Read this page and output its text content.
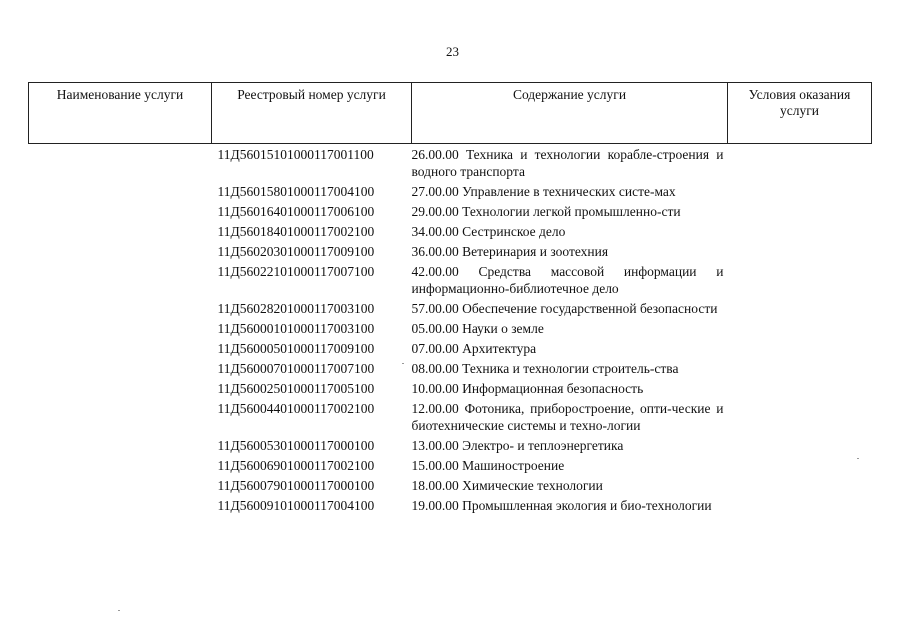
23
Наименование услуги	Реестровый номер услуги	Содержание услуги	Условия оказания услуги
	11Д56015101000117001100	26.00.00 Техника и технологии корабле-строения и водного транспорта	
	11Д56015801000117004100	27.00.00 Управление в технических систе-мах	
	11Д56016401000117006100	29.00.00 Технологии легкой промышленно-сти	
	11Д56018401000117002100	34.00.00 Сестринское дело	
	11Д56020301000117009100	36.00.00 Ветеринария и зоотехния	
	11Д56022101000117007100	42.00.00 Средства массовой информации и информационно-библиотечное дело	
	11Д56028201000117003100	57.00.00 Обеспечение государственной безопасности	
	11Д56000101000117003100	05.00.00 Науки о земле	
	11Д56000501000117009100	07.00.00 Архитектура	
	11Д56000701000117007100	08.00.00 Техника и технологии строитель-ства	
	11Д56002501000117005100	10.00.00 Информационная безопасность	
	11Д56004401000117002100	12.00.00 Фотоника, приборостроение, опти-ческие и биотехнические системы и техно-логии	
	11Д56005301000117000100	13.00.00 Электро- и теплоэнергетика	
	11Д56006901000117002100	15.00.00 Машиностроение	
	11Д56007901000117000100	18.00.00 Химические технологии	
	11Д56009101000117004100	19.00.00 Промышленная экология и био-технологии	
